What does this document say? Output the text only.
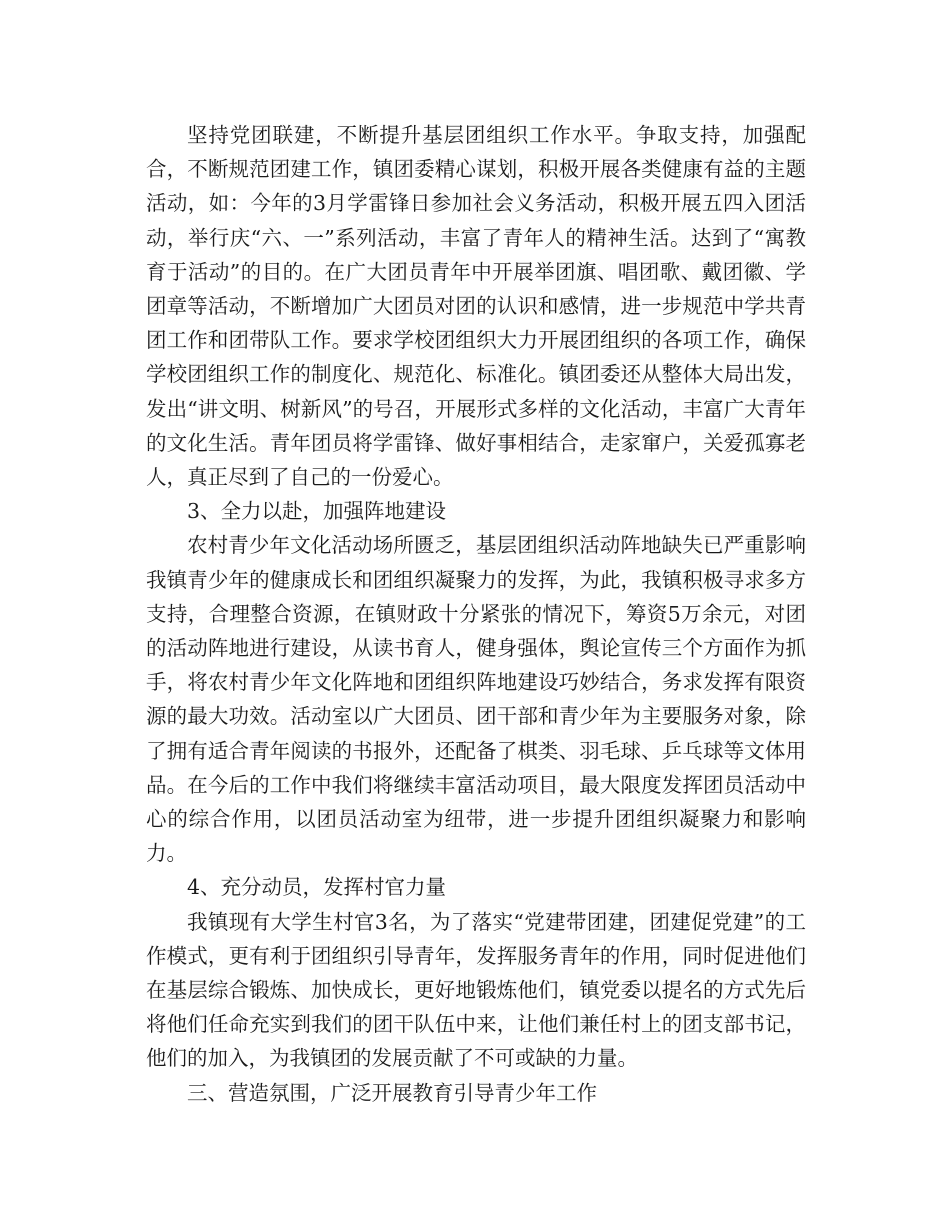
坚持党团联建，不断提升基层团组织工作水平。争取支持，加强配合，不断规范团建工作，镇团委精心谋划，积极开展各类健康有益的主题活动，如：今年的3月学雷锋日参加社会义务活动，积极开展五四入团活动，举行庆“六、一”系列活动，丰富了青年人的精神生活。达到了“寓教育于活动”的目的。在广大团员青年中开展举团旗、唱团歌、戴团徽、学团章等活动，不断增加广大团员对团的认识和感情，进一步规范中学共青团工作和团带队工作。要求学校团组织大力开展团组织的各项工作，确保学校团组织工作的制度化、规范化、标准化。镇团委还从整体大局出发，发出“讲文明、树新风”的号召，开展形式多样的文化活动，丰富广大青年的文化生活。青年团员将学雷锋、做好事相结合，走家窜户，关爱孤寡老人，真正尽到了自己的一份爱心。

3、全力以赴，加强阵地建设

农村青少年文化活动场所匮乏，基层团组织活动阵地缺失已严重影响我镇青少年的健康成长和团组织凝聚力的发挥，为此，我镇积极寻求多方支持，合理整合资源，在镇财政十分紧张的情况下，筹资5万余元，对团的活动阵地进行建设，从读书育人，健身强体，舆论宣传三个方面作为抓手，将农村青少年文化阵地和团组织阵地建设巧妙结合，务求发挥有限资源的最大功效。活动室以广大团员、团干部和青少年为主要服务对象，除了拥有适合青年阅读的书报外，还配备了棋类、羽毛球、乒乓球等文体用品。在今后的工作中我们将继续丰富活动项目，最大限度发挥团员活动中心的综合作用，以团员活动室为纽带，进一步提升团组织凝聚力和影响力。

4、充分动员，发挥村官力量

我镇现有大学生村官3名，为了落实“党建带团建，团建促党建”的工作模式，更有利于团组织引导青年，发挥服务青年的作用，同时促进他们在基层综合锻炼、加快成长，更好地锻炼他们，镇党委以提名的方式先后将他们任命充实到我们的团干队伍中来，让他们兼任村上的团支部书记，他们的加入，为我镇团的发展贡献了不可或缺的力量。

三、营造氛围，广泛开展教育引导青少年工作
